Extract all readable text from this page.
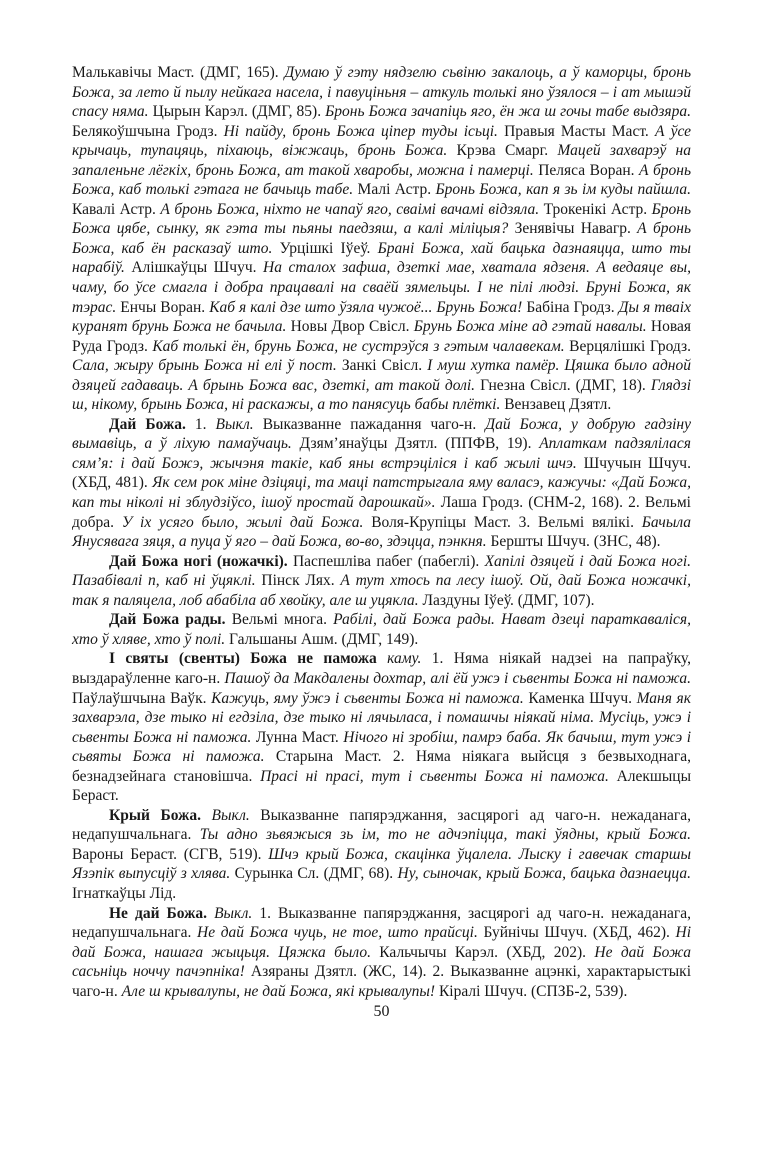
Малькавічы Маст. (ДМГ, 165). Думаю ў гэту нядзелю сьвіню закалоць, а ў каморцы, бронь Божа, за лето й пылу нейкага насела, і павуціньня – аткуль толькі яно ўзялося – і ат мышэй спасу няма. Цырын Карэл. (ДМГ, 85). Бронь Божа зачапіць яго, ён жа ш гочы табе выдзяра. Белякоўшчына Гродз. Ні пайду, бронь Божа ціпер туды ісьці. Правыя Масты Маст. А ўсе крычаць, тупацяць, піхаюць, віжжаць, бронь Божа. Крэва Смарг. Мацей захварэў на запаленьне лёгкіх, бронь Божа, ат такой хваробы, можна і памерці. Пеляса Воран. А бронь Божа, каб толькі гэтага не бачыць табе. Малі Астр. Бронь Божа, кап я зь ім куды пайшла. Кавалі Астр. А бронь Божа, ніхто не чапаў яго, сваімі вачамі відзяла. Трокенікі Астр. Бронь Божа цябе, сынку, як гэта ты пьяны паедзяш, а калі міліцыя? Зенявічы Навагр. А бронь Божа, каб ён расказаў што. Урцішкі Іўеў. Брані Божа, хай бацька дазнаяцца, што ты нарабіў. Алішкаўцы Шчуч. На сталох зафша, дзеткі мае, хватала ядзеня. А ведаяце вы, чаму, бо ўсе смагла і добра працавалі на сваёй зямельцы. І не пілі людзі. Бруні Божа, як тэрас. Енчы Воран. Каб я калі дзе што ўзяла чужоё... Брунь Божа! Бабіна Гродз. Ды я тваіх куранят брунь Божа не бачыла. Новы Двор Свісл. Брунь Божа міне ад гэтай навалы. Новая Руда Гродз. Каб толькі ён, брунь Божа, не сустрэўся з гэтым чалавекам. Верцялішкі Гродз. Сала, жыру брынь Божа ні елі ў пост. Занкі Свісл. І муш хутка памёр. Цяшка было адной дзяцей гадаваць. А брынь Божа вас, дзеткі, ат такой долі. Гнезна Свісл. (ДМГ, 18). Глядзі ш, нікому, брынь Божа, ні раскажы, а то панясуць бабы плёткі. Вензавец Дзятл.

Дай Божа. 1. Выкл. Выказванне пажадання чаго-н. Дай Божа, у добрую гадзіну вымавіць, а ў ліхую памаўчаць. Дзям’янаўцы Дзятл. (ППФВ, 19). Аплаткам падзялілася сям’я: і дай Божэ, жычэня такіе, каб яны встрэціліся і каб жылі шчэ. Шчучын Шчуч. (ХБД, 481). Як сем рок міне дзіцяці, та маці патстрыгала яму валасэ, кажучы: «Дай Божа, кап ты ніколі ні зблудзіўсо, ішоў простай дарошкай». Лаша Гродз. (СНМ-2, 168). 2. Вельмі добра. У іх усяго было, жылі дай Божа. Воля-Крупіцы Маст. 3. Вельмі вялікі. Бачыла Янусявага зяця, а пуца ў яго – дай Божа, во-во, здэцца, пэнкня. Бершты Шчуч. (ЗНС, 48).

Дай Божа ногі (ножачкі). Паспешліва пабег (пабеглі). Хапілі дзяцей і дай Божа ногі. Пазабівалі п, каб ні ўцяклі. Пінск Лях. А тут хтось па лесу ішоў. Ой, дай Божа ножачкі, так я паляцела, лоб абабіла аб хвойку, але ш уцякла. Лаздуны Іўеў. (ДМГ, 107).

Дай Божа рады. Вельмі многа. Рабілі, дай Божа рады. Нават дзеці параткаваліся, хто ў хляве, хто ў полі. Гальшаны Ашм. (ДМГ, 149).

І святы (свенты) Божа не паможа каму. 1. Няма ніякай надзеі на папраўку, выздараўленне каго-н. Пашоў да Макдалены дохтар, алі ёй ужэ і сьвенты Божа ні паможа. Паўлаўшчына Ваўк. Кажуць, яму ўжэ і сьвенты Божа ні паможа. Каменка Шчуч. Маня як захварэла, дзе тыко ні егдзіла, дзе тыко ні лячыласа, і помашчы ніякай німа. Мусіць, ужэ і сьвенты Божа ні паможа. Лунна Маст. Нічого ні зробіш, памрэ баба. Як бачыш, тут ужэ і сьвяты Божа ні паможа. Старына Маст. 2. Няма ніякага выйсця з безвыходнага, безнадзейнага становішча. Прасі ні прасі, тут і сьвенты Божа ні паможа. Алекшыцы Бераст.

Крый Божа. Выкл. Выказванне папярэджання, засцярогі ад чаго-н. нежаданага, недапушчальнага. Ты адно зьвяжыся зь ім, то не адчэпіцца, такі ўядны, крый Божа. Вароны Бераст. (СГВ, 519). Шчэ крый Божа, скацінка ўцалела. Лыску і гавечак старшы Язэпік выпусціў з хлява. Сурынка Сл. (ДМГ, 68). Ну, сыночак, крый Божа, бацька дазнаецца. Ігнаткаўцы Лід.

Не дай Божа. Выкл. 1. Выказванне папярэджання, засцярогі ад чаго-н. нежаданага, недапушчальнага. Не дай Божа чуць, не тое, што прайсці. Буйнічы Шчуч. (ХБД, 462). Ні дай Божа, нашага жыцьця. Цяжка было. Кальчычы Карэл. (ХБД, 202). Не дай Божа сасьніць ноччу пачэпніка! Азяраны Дзятл. (ЖС, 14). 2. Выказванне ацэнкі, характарыстыкі чаго-н. Але ш крывалупы, не дай Божа, які крывалупы! Кіралі Шчуч. (СПЗБ-2, 539).

50
